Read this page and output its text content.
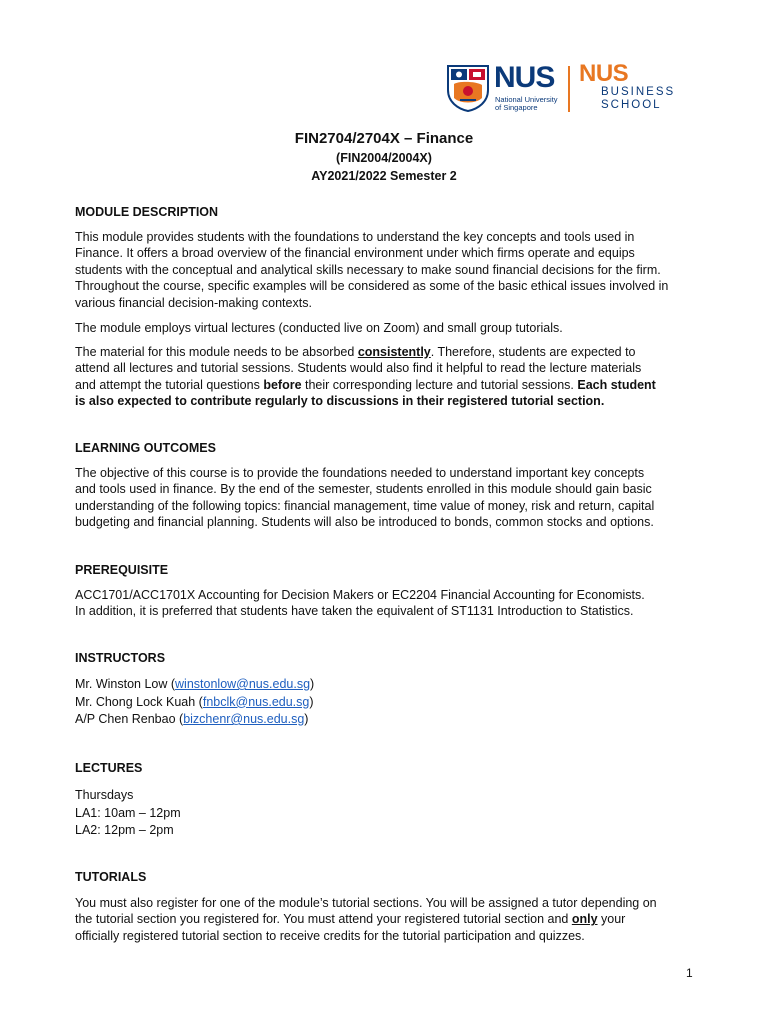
NUS
National University
of Singapore
NUS
BUSINESS
SCHOOL
FIN2704/2704X – Finance
(FIN2004/2004X)
AY2021/2022 Semester 2
MODULE DESCRIPTION
This module provides students with the foundations to understand the key concepts and tools used in
Finance. It offers a broad overview of the financial environment under which firms operate and equips
students with the conceptual and analytical skills necessary to make sound financial decisions for the firm.
Throughout the course, specific examples will be considered as some of the basic ethical issues involved in
various financial decision-making contexts.
The module employs virtual lectures (conducted live on Zoom) and small group tutorials.
The material for this module needs to be absorbed consistently. Therefore, students are expected to
attend all lectures and tutorial sessions. Students would also find it helpful to read the lecture materials
and attempt the tutorial questions before their corresponding lecture and tutorial sessions. Each student
is also expected to contribute regularly to discussions in their registered tutorial section.
LEARNING OUTCOMES
The objective of this course is to provide the foundations needed to understand important key concepts
and tools used in finance. By the end of the semester, students enrolled in this module should gain basic
understanding of the following topics: financial management, time value of money, risk and return, capital
budgeting and financial planning. Students will also be introduced to bonds, common stocks and options.
PREREQUISITE
ACC1701/ACC1701X Accounting for Decision Makers or EC2204 Financial Accounting for Economists.
In addition, it is preferred that students have taken the equivalent of ST1131 Introduction to Statistics.
INSTRUCTORS
Mr. Winston Low (winstonlow@nus.edu.sg)
Mr. Chong Lock Kuah (fnbclk@nus.edu.sg)
A/P Chen Renbao (bizchenr@nus.edu.sg)
LECTURES
Thursdays
LA1: 10am – 12pm
LA2: 12pm – 2pm
TUTORIALS
You must also register for one of the module’s tutorial sections. You will be assigned a tutor depending on
the tutorial section you registered for. You must attend your registered tutorial section and only your
officially registered tutorial section to receive credits for the tutorial participation and quizzes.
1
